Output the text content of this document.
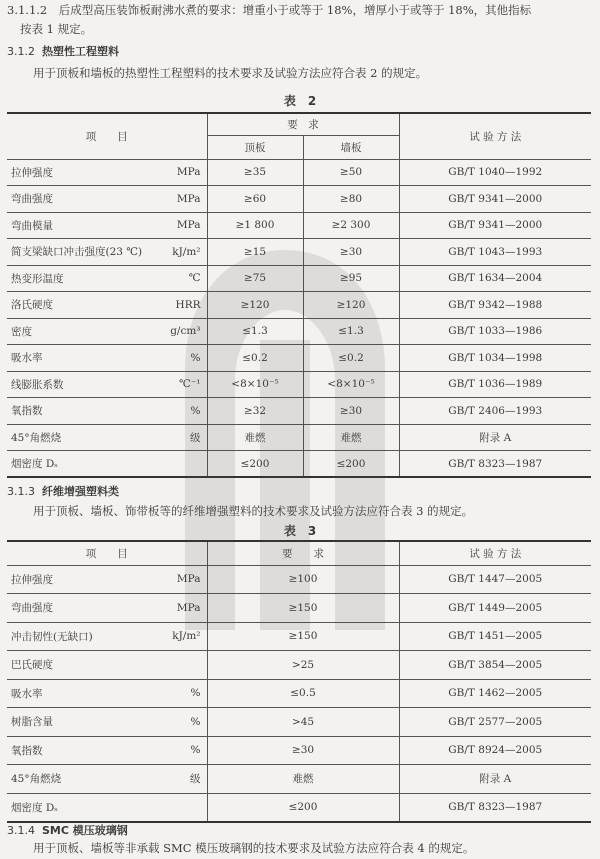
3.1.1.2　后成型高压装饰板耐沸水煮的要求：增重小于或等于 18%，增厚小于或等于 18%，其他指标
按表 1 规定。
3.1.2 热塑性工程塑料
用于顶板和墙板的热塑性工程塑料的技术要求及试验方法应符合表 2 的规定。
表　2
项　　目		要　求		试 验 方 法
		顶板	墙板	
拉伸强度	MPa	≥35	≥50	GB/T 1040—1992
弯曲强度	MPa	≥60	≥80	GB/T 9341—2000
弯曲模量	MPa	≥1 800	≥2 300	GB/T 9341—2000
简支梁缺口冲击强度(23 ℃)	kJ/m²	≥15	≥30	GB/T 1043—1993
热变形温度	℃	≥75	≥95	GB/T 1634—2004
洛氏硬度	HRR	≥120	≥120	GB/T 9342—1988
密度	g/cm³	≤1.3	≤1.3	GB/T 1033—1986
吸水率	%	≤0.2	≤0.2	GB/T 1034—1998
线膨胀系数	℃⁻¹	<8×10⁻⁵	<8×10⁻⁵	GB/T 1036—1989
氧指数	%	≥32	≥30	GB/T 2406—1993
45°角燃烧	级	难燃	难燃	附录 A
烟密度 Dₛ		≤200	≤200	GB/T 8323—1987
3.1.3 纤维增强塑料类
用于顶板、墙板、饰带板等的纤维增强塑料的技术要求及试验方法应符合表 3 的规定。
表　3
项　　目		要　　求	试 验 方 法
拉伸强度	MPa	≥100	GB/T 1447—2005
弯曲强度	MPa	≥150	GB/T 1449—2005
冲击韧性(无缺口)	kJ/m²	≥150	GB/T 1451—2005
巴氏硬度		>25	GB/T 3854—2005
吸水率	%	≤0.5	GB/T 1462—2005
树脂含量	%	>45	GB/T 2577—2005
氧指数	%	≥30	GB/T 8924—2005
45°角燃烧	级	难燃	附录 A
烟密度 Dₛ		≤200	GB/T 8323—1987
3.1.4 SMC 模压玻璃钢
用于顶板、墙板等非承载 SMC 模压玻璃钢的技术要求及试验方法应符合表 4 的规定。
